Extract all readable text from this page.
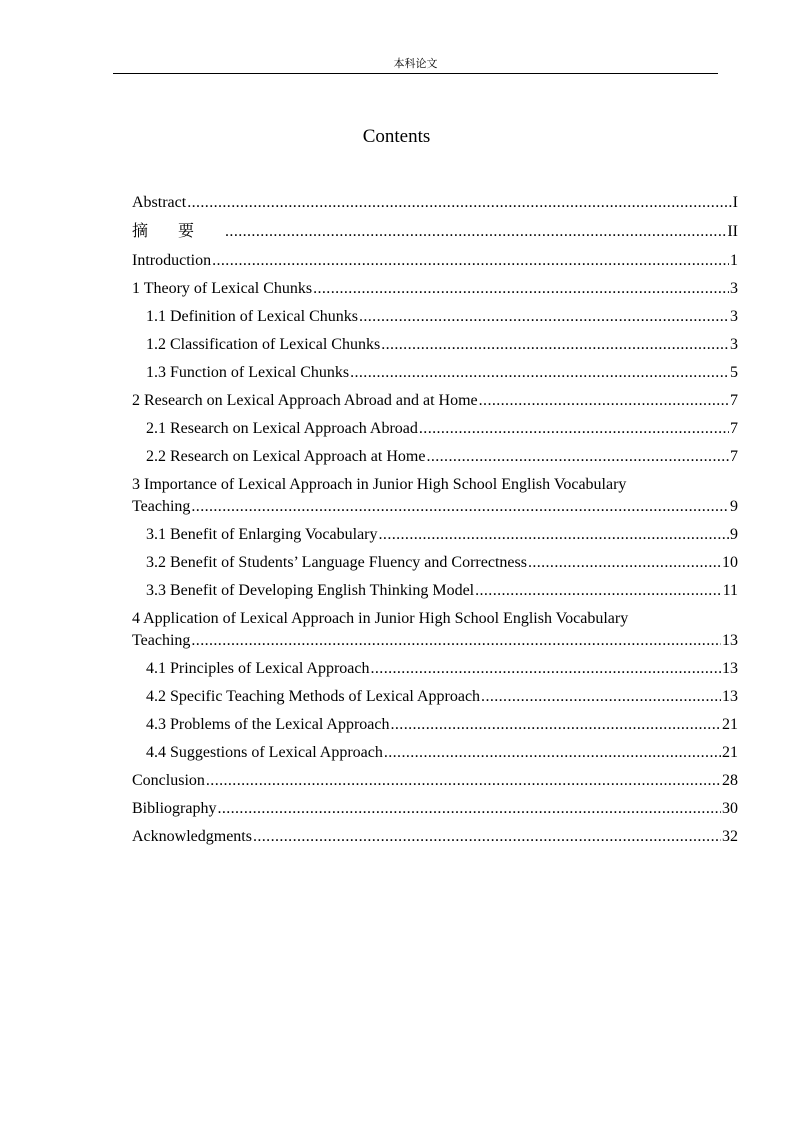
本科论文
Contents
Abstract .....	I
摘要 .....	II
Introduction .....	1
1 Theory of Lexical Chunks .....	3
1.1 Definition of Lexical Chunks .....	3
1.2 Classification of Lexical Chunks .....	3
1.3 Function of Lexical Chunks .....	5
2 Research on Lexical Approach Abroad and at Home .....	7
2.1 Research on Lexical Approach Abroad .....	7
2.2 Research on Lexical Approach at Home .....	7
3 Importance of Lexical Approach in Junior High School English Vocabulary
Teaching .....	9
3.1 Benefit of Enlarging Vocabulary .....	9
3.2 Benefit of Students’ Language Fluency and Correctness .....	10
3.3 Benefit of Developing English Thinking Model .....	11
4 Application of Lexical Approach in Junior High School English Vocabulary
Teaching .....	13
4.1 Principles of Lexical Approach .....	13
4.2 Specific Teaching Methods of Lexical Approach .....	13
4.3 Problems of the Lexical Approach .....	21
4.4 Suggestions of Lexical Approach .....	21
Conclusion .....	28
Bibliography .....	30
Acknowledgments .....	32
